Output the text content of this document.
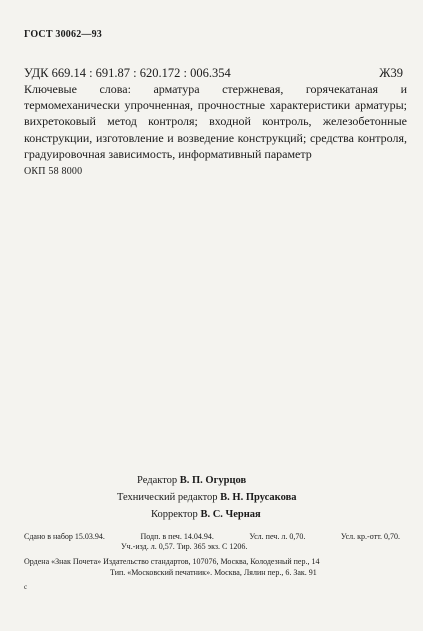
ГОСТ 30062—93
УДК 669.14 : 691.87 : 620.172 : 006.354	Ж39
Ключевые слова: арматура стержневая, горячекатаная и термомеханически упрочненная, прочностные характеристики арматуры; вихретоковый метод контроля; входной контроль, железобетонные конструкции, изготовление и возведение конструкций; средства контроля, градуировочная зависимость, информативный параметр
ОКП 58 8000
Редактор В. П. Огурцов
Технический редактор В. Н. Прусакова
Корректор В. С. Черная
Сдано в набор 15.03.94.	Подп. в печ. 14.04.94.	Усл. печ. л. 0,70.	Усл. кр.-отт. 0,70.
Уч.-изд. л. 0,57. Тир. 365 экз. С 1206.
Ордена «Знак Почета» Издательство стандартов, 107076, Москва, Колодезный пер., 14
Тип. «Московский печатник». Москва, Лялин пер., 6. Зак. 91
с
